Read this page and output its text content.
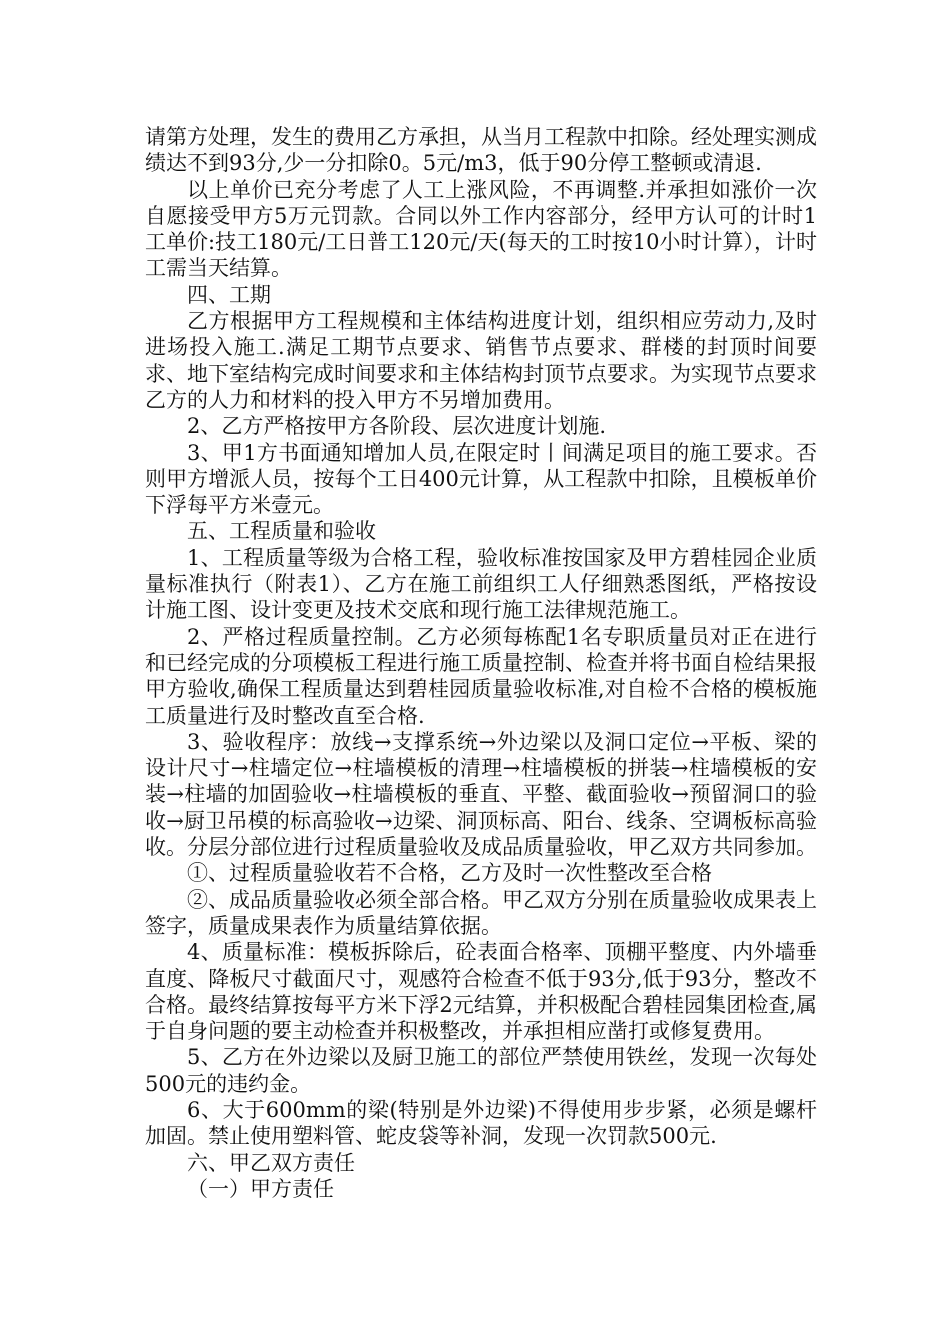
请第方处理，发生的费用乙方承担，从当月工程款中扣除。经处理实测成绩达不到93分,少一分扣除0。5元/m3，低于90分停工整顿或清退.

以上单价已充分考虑了人工上涨风险，不再调整.并承担如涨价一次自愿接受甲方5万元罚款。合同以外工作内容部分，经甲方认可的计时1工单价:技工180元/工日普工120元/天(每天的工时按10小时计算），计时工需当天结算。

四、工期

乙方根据甲方工程规模和主体结构进度计划，组织相应劳动力,及时进场投入施工.满足工期节点要求、销售节点要求、群楼的封顶时间要求、地下室结构完成时间要求和主体结构封顶节点要求。为实现节点要求乙方的人力和材料的投入甲方不另增加费用。

2、乙方严格按甲方各阶段、层次进度计划施.

3、甲1方书面通知增加人员,在限定时丨间满足项目的施工要求。否则甲方增派人员，按每个工日400元计算，从工程款中扣除，且模板单价下浮每平方米壹元。

五、工程质量和验收

1、工程质量等级为合格工程，验收标准按国家及甲方碧桂园企业质量标准执行（附表1）、乙方在施工前组织工人仔细熟悉图纸，严格按设计施工图、设计变更及技术交底和现行施工法律规范施工。

2、严格过程质量控制。乙方必须每栋配1名专职质量员对正在进行和已经完成的分项模板工程进行施工质量控制、检查并将书面自检结果报甲方验收,确保工程质量达到碧桂园质量验收标准,对自检不合格的模板施工质量进行及时整改直至合格.

3、验收程序：放线→支撑系统→外边梁以及洞口定位→平板、梁的设计尺寸→柱墙定位→柱墙模板的清理→柱墙模板的拼装→柱墙模板的安装→柱墙的加固验收→柱墙模板的垂直、平整、截面验收→预留洞口的验收→厨卫吊模的标高验收→边梁、洞顶标高、阳台、线条、空调板标高验收。分层分部位进行过程质量验收及成品质量验收，甲乙双方共同参加。

①、过程质量验收若不合格，乙方及时一次性整改至合格

②、成品质量验收必须全部合格。甲乙双方分别在质量验收成果表上签字，质量成果表作为质量结算依据。

4、质量标准：模板拆除后，砼表面合格率、顶棚平整度、内外墙垂直度、降板尺寸截面尺寸，观感符合检查不低于93分,低于93分，整改不合格。最终结算按每平方米下浮2元结算，并积极配合碧桂园集团检查,属于自身问题的要主动检查并积极整改，并承担相应凿打或修复费用。

5、乙方在外边梁以及厨卫施工的部位严禁使用铁丝，发现一次每处500元的违约金。

6、大于600mm的梁(特别是外边梁)不得使用步步紧，必须是螺杆加固。禁止使用塑料管、蛇皮袋等补洞，发现一次罚款500元.

六、甲乙双方责任

（一）甲方责任
